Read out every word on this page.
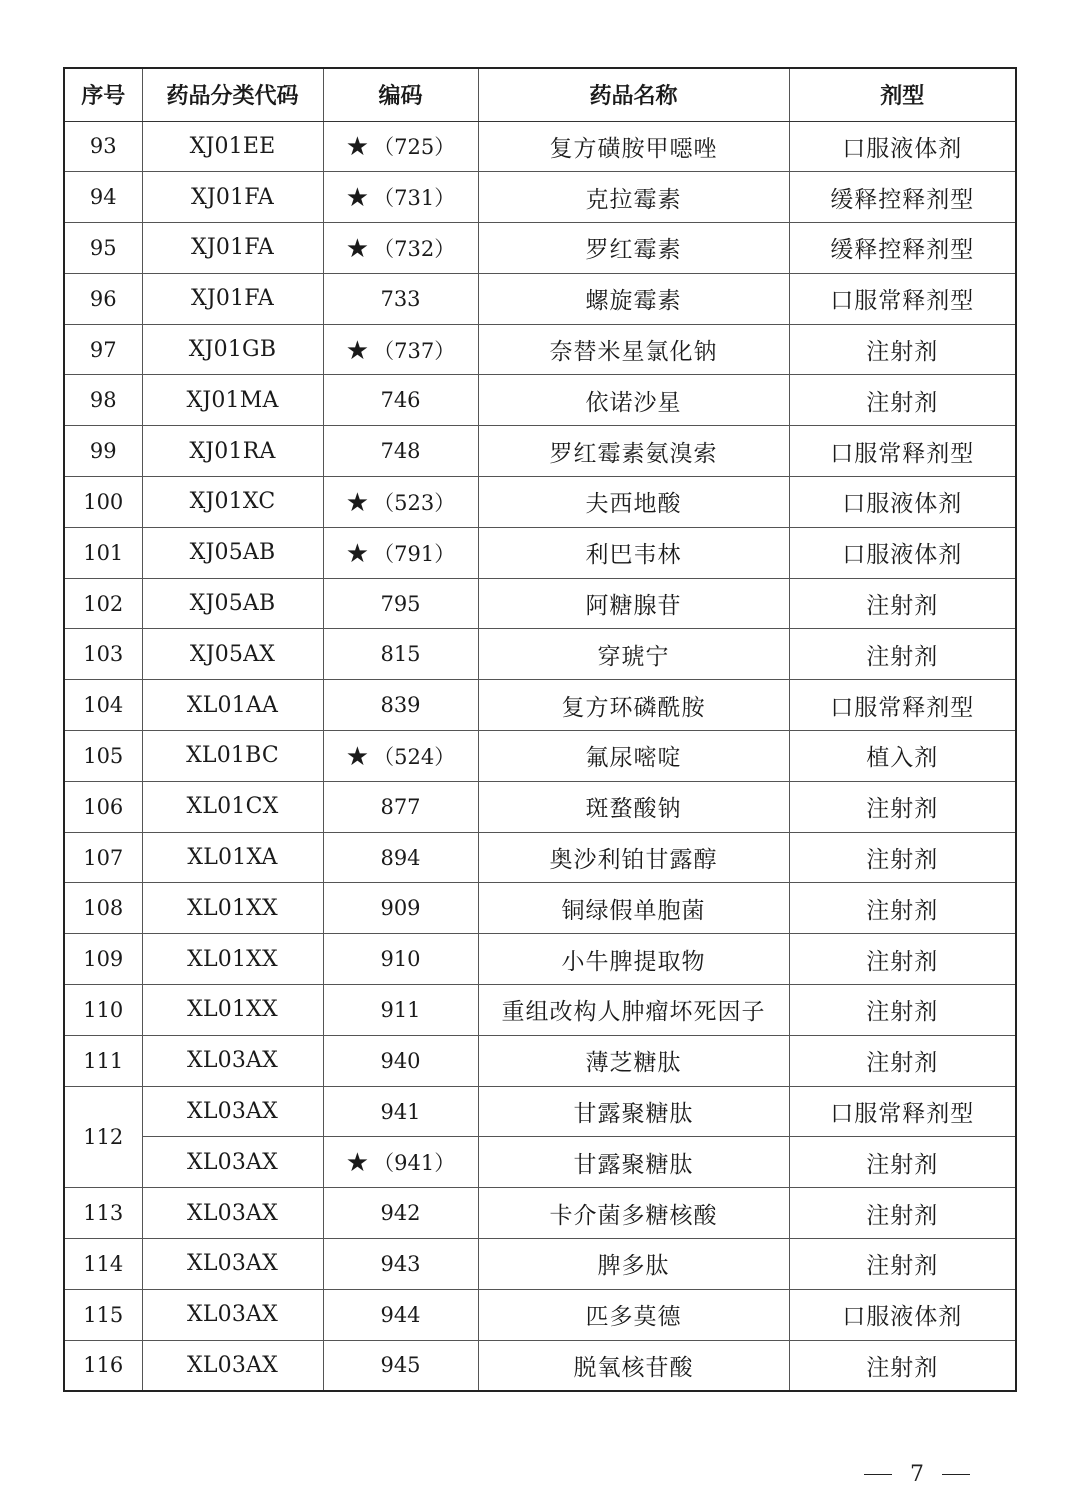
序号	药品分类代码	编码	药品名称	剂型
93	XJ01EE	★ （725）	复方磺胺甲噁唑	口服液体剂
94	XJ01FA	★ （731）	克拉霉素	缓释控释剂型
95	XJ01FA	★ （732）	罗红霉素	缓释控释剂型
96	XJ01FA	733	螺旋霉素	口服常释剂型
97	XJ01GB	★ （737）	奈替米星氯化钠	注射剂
98	XJ01MA	746	依诺沙星	注射剂
99	XJ01RA	748	罗红霉素氨溴索	口服常释剂型
100	XJ01XC	★ （523）	夫西地酸	口服液体剂
101	XJ05AB	★ （791）	利巴韦林	口服液体剂
102	XJ05AB	795	阿糖腺苷	注射剂
103	XJ05AX	815	穿琥宁	注射剂
104	XL01AA	839	复方环磷酰胺	口服常释剂型
105	XL01BC	★ （524）	氟尿嘧啶	植入剂
106	XL01CX	877	斑蝥酸钠	注射剂
107	XL01XA	894	奥沙利铂甘露醇	注射剂
108	XL01XX	909	铜绿假单胞菌	注射剂
109	XL01XX	910	小牛脾提取物	注射剂
110	XL01XX	911	重组改构人肿瘤坏死因子	注射剂
111	XL03AX	940	薄芝糖肽	注射剂
112	XL03AX	941	甘露聚糖肽	口服常释剂型
	XL03AX	★ （941）	甘露聚糖肽	注射剂
113	XL03AX	942	卡介菌多糖核酸	注射剂
114	XL03AX	943	脾多肽	注射剂
115	XL03AX	944	匹多莫德	口服液体剂
116	XL03AX	945	脱氧核苷酸	注射剂
7
